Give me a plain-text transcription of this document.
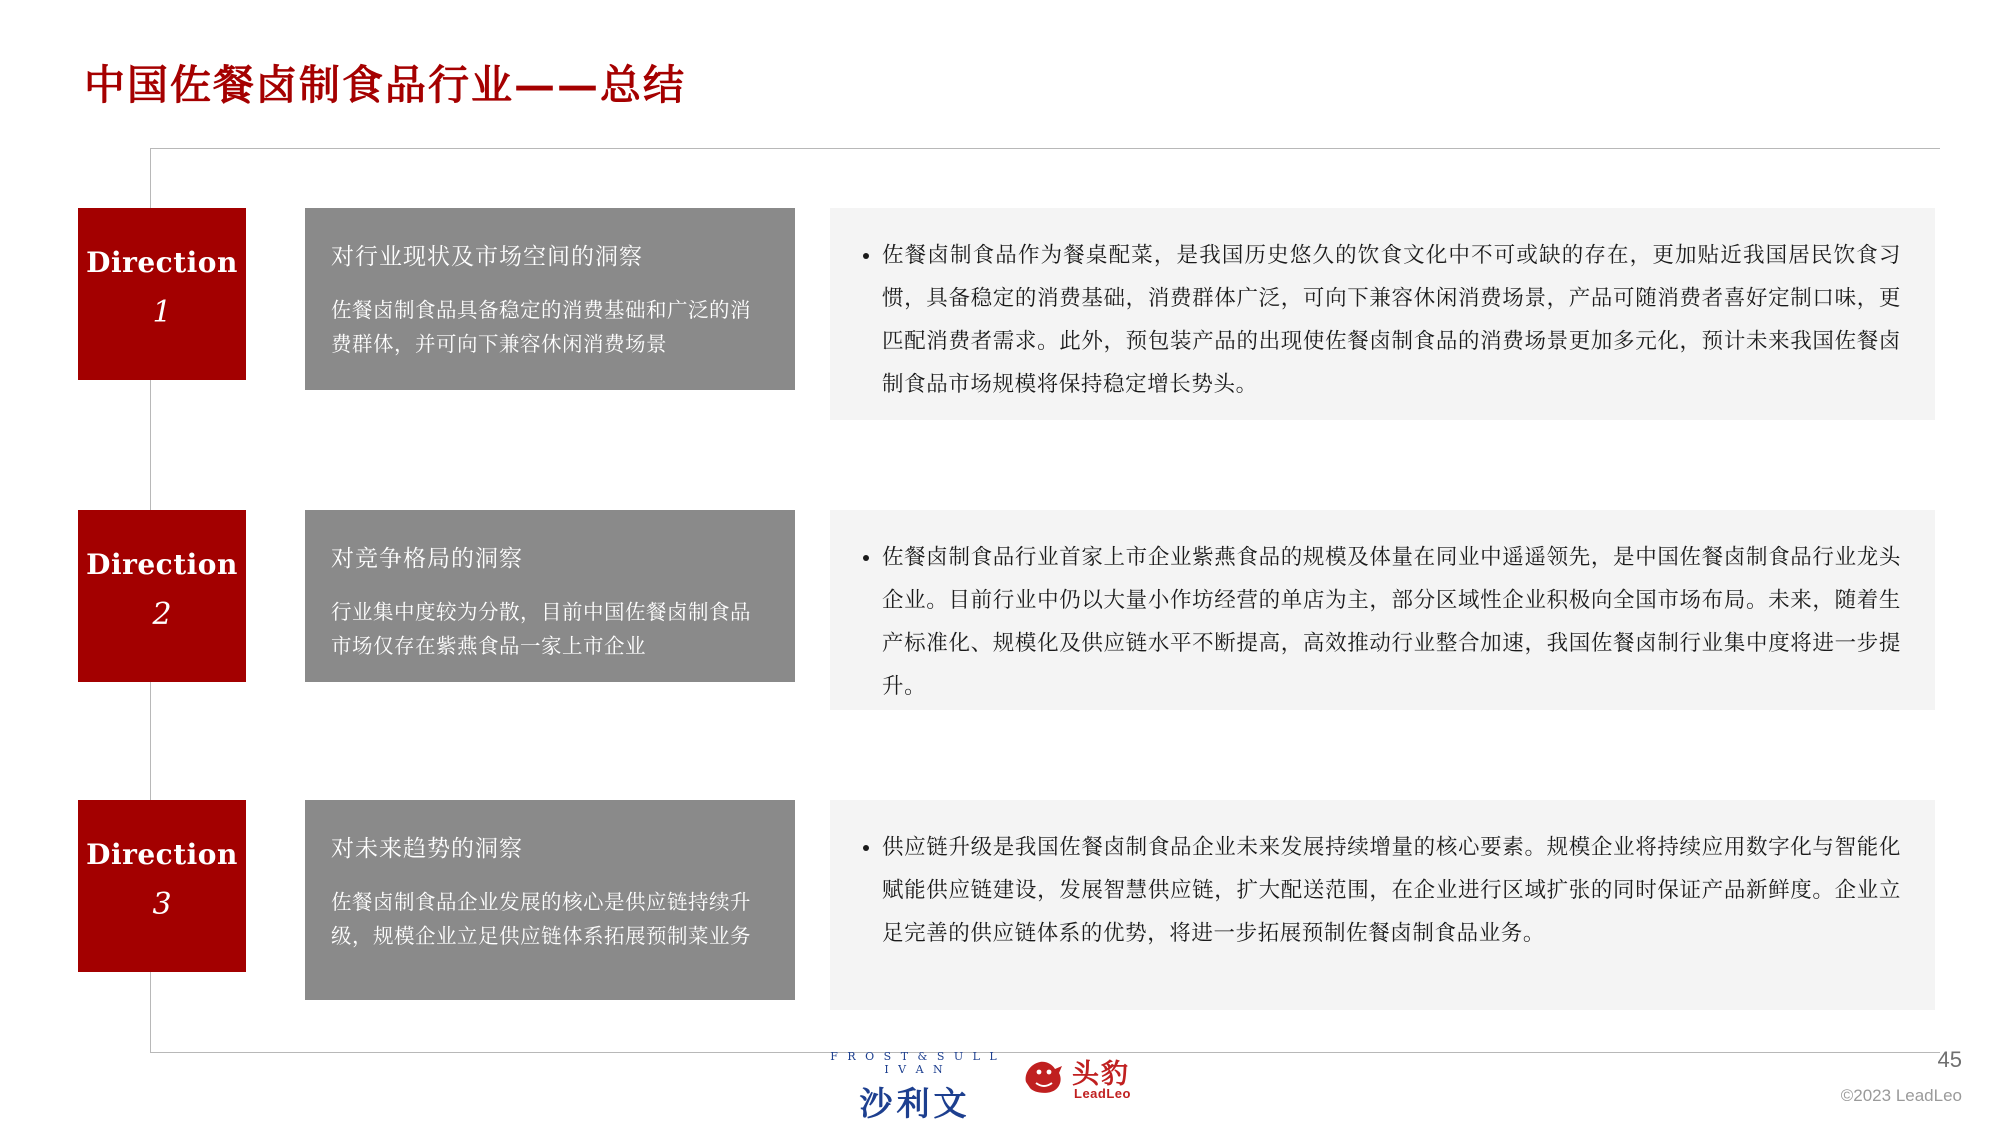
中国佐餐卤制食品行业——总结
Direction
1
对行业现状及市场空间的洞察
佐餐卤制食品具备稳定的消费基础和广泛的消费群体，并可向下兼容休闲消费场景
• 佐餐卤制食品作为餐桌配菜，是我国历史悠久的饮食文化中不可或缺的存在，更加贴近我国居民饮食习惯，具备稳定的消费基础，消费群体广泛，可向下兼容休闲消费场景，产品可随消费者喜好定制口味，更匹配消费者需求。此外，预包装产品的出现使佐餐卤制食品的消费场景更加多元化，预计未来我国佐餐卤制食品市场规模将保持稳定增长势头。
Direction
2
对竞争格局的洞察
行业集中度较为分散，目前中国佐餐卤制食品市场仅存在紫燕食品一家上市企业
• 佐餐卤制食品行业首家上市企业紫燕食品的规模及体量在同业中遥遥领先，是中国佐餐卤制食品行业龙头企业。目前行业中仍以大量小作坊经营的单店为主，部分区域性企业积极向全国市场布局。未来，随着生产标准化、规模化及供应链水平不断提高，高效推动行业整合加速，我国佐餐卤制行业集中度将进一步提升。
Direction
3
对未来趋势的洞察
佐餐卤制食品企业发展的核心是供应链持续升级，规模企业立足供应链体系拓展预制菜业务
• 供应链升级是我国佐餐卤制食品企业未来发展持续增量的核心要素。规模企业将持续应用数字化与智能化赋能供应链建设，发展智慧供应链，扩大配送范围，在企业进行区域扩张的同时保证产品新鲜度。企业立足完善的供应链体系的优势，将进一步拓展预制佐餐卤制食品业务。
F R O S T & S U L L I V A N
沙利文
头豹
LeadLeo
45
©2023 LeadLeo
